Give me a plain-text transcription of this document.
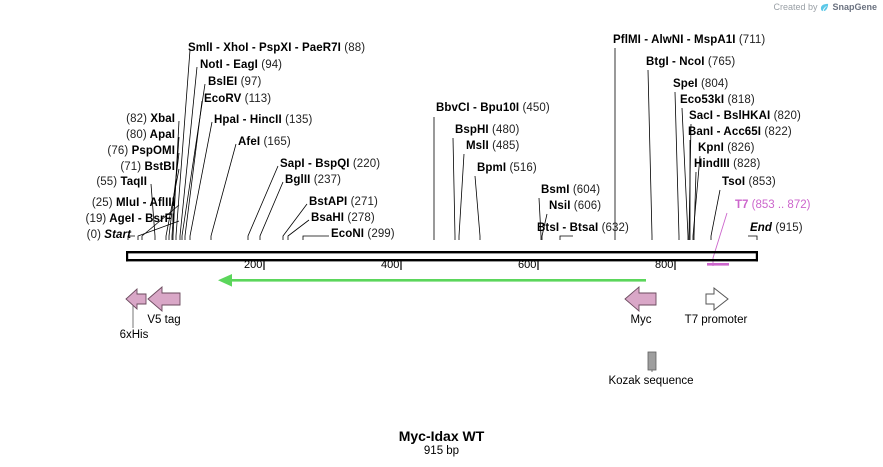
Created by SnapGene
200	400	600	800
SmlI - XhoI - PspXI - PaeR7I (88)
NotI - EagI (94)
BslEI (97)
EcoRV (113)
HpaI - HincII (135)
AfeI (165)
SapI - BspQI (220)
BglII (237)
BstAPI (271)
BsaHI (278)
EcoNI (299)
(82) XbaI
(80) ApaI
(76) PspOMI
(71) BstBI
(55) TaqII
(25) MluI - AflIII
(19) AgeI - BsrFI
(0) Start
BbvCI - Bpu10I (450)
BspHI (480)
MslI (485)
BpmI (516)
BsmI (604)
NsiI (606)
BtsI - BtsaI (632)
PflMI - AlwNI - MspA1I (711)
BtgI - NcoI (765)
SpeI (804)
Eco53kI (818)
SacI - BslHKAI (820)
BanI - Acc65I (822)
KpnI (826)
HindIII (828)
TsoI (853)
End (915)
T7 (853 .. 872)
V5 tag
6xHis
Myc	T7 promoter
Kozak sequence
Myc-Idax WT
915 bp
